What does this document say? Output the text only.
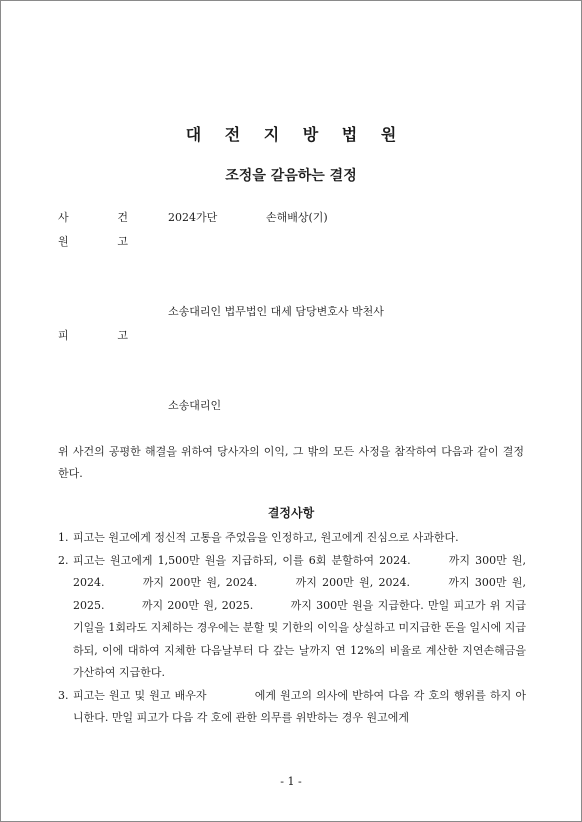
대 전 지 방 법 원
조정을 갈음하는 결정
사	건	2024가단	손해배상(기)
원	고
소송대리인 법무법인 대세 담당변호사 박천사
피	고
소송대리인
위 사건의 공평한 해결을 위하여 당사자의 이익, 그 밖의 모든 사정을 참작하여 다음과 같이 결정한다.
결정사항
1. 피고는 원고에게 정신적 고통을 주었음을 인정하고, 원고에게 진심으로 사과한다.
2. 피고는 원고에게 1,500만 원을 지급하되, 이를 6회 분할하여 2024.    까지 300만 원, 2024.    까지 200만 원, 2024.    까지 200만 원, 2024.    까지 300만 원, 2025.    까지 200만 원, 2025.    까지 300만 원을 지급한다. 만일 피고가 위 지급기일을 1회라도 지체하는 경우에는 분할 및 기한의 이익을 상실하고 미지급한 돈을 일시에 지급하되, 이에 대하여 지체한 다음날부터 다 갚는 날까지 연 12%의 비율로 계산한 지연손해금을 가산하여 지급한다.
3. 피고는 원고 및 원고 배우자     에게 원고의 의사에 반하여 다음 각 호의 행위를 하지 아니한다. 만일 피고가 다음 각 호에 관한 의무를 위반하는 경우 원고에게
- 1 -
